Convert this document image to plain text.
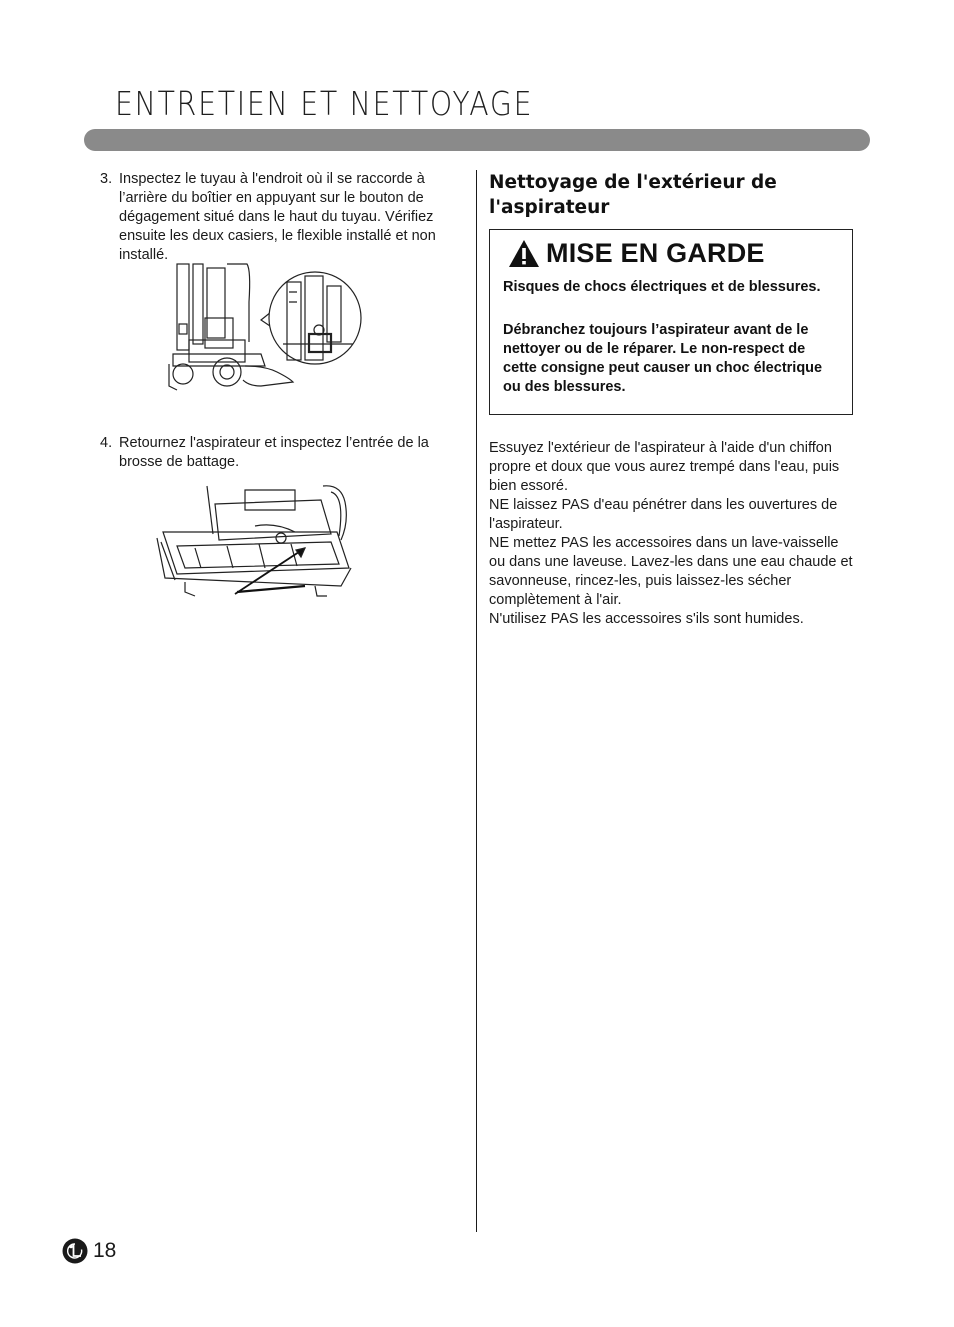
ENTRETIEN ET NETTOYAGE
3. Inspectez le tuyau à l'endroit où il se raccorde à l’arrière du boîtier en appuyant sur le bouton de dégagement situé dans le haut du tuyau. Vérifiez ensuite les deux casiers, le flexible installé et non installé.
4. Retournez l'aspirateur et inspectez l’entrée de la brosse de battage.
Nettoyage de l'extérieur de l'aspirateur
MISE EN GARDE

Risques de chocs électriques et de blessures.

Débranchez toujours l’aspirateur avant de le nettoyer ou de le réparer. Le non-respect de cette consigne peut causer un choc électrique ou des blessures.

Essuyez l'extérieur de l'aspirateur à l'aide d'un chiffon propre et doux que vous aurez trempé dans l'eau, puis bien essoré.

NE laissez PAS d'eau pénétrer dans les ouvertures de l'aspirateur.

NE mettez PAS les accessoires dans un lave-vaisselle ou dans une laveuse. Lavez-les dans une eau chaude et savonneuse, rincez-les, puis laissez-les sécher complètement à l'air.

N'utilisez PAS les accessoires s'ils sont humides.

18
